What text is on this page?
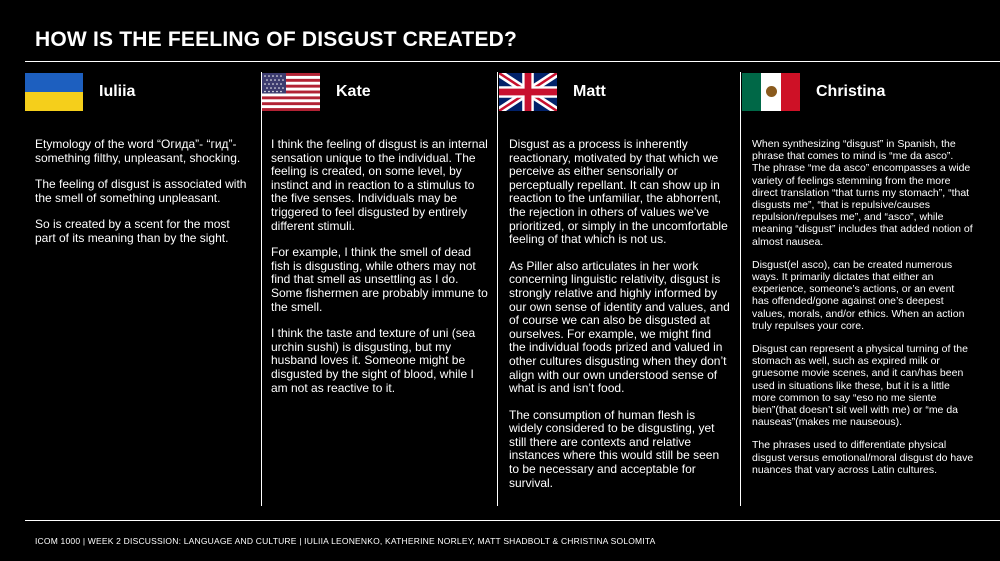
HOW IS THE FEELING OF DISGUST CREATED?
Iuliia

Etymology of the word “Огида”- “гид”- something filthy, unpleasant, shocking.

The feeling of disgust is associated with the smell of something unpleasant.

So is created by a scent for the most part of its meaning than by the sight.

Kate

I think the feeling of disgust is an internal sensation unique to the individual. The feeling is created, on some level, by instinct and in reaction to a stimulus to the five senses. Individuals may be triggered to feel disgusted by entirely different stimuli.

For example, I think the smell of dead fish is disgusting, while others may not find that smell as unsettling as I do. Some fishermen are probably immune to the smell.

I think the taste and texture of uni (sea urchin sushi) is disgusting, but my husband loves it. Someone might be disgusted by the sight of blood, while I am not as reactive to it.

Matt

Disgust as a process is inherently reactionary, motivated by that which we perceive as either sensorially or perceptually repellant. It can show up in reaction to the unfamiliar, the abhorrent, the rejection in others of values we’ve prioritized, or simply in the uncomfortable feeling of that which is not us.

As Piller also articulates in her work concerning linguistic relativity, disgust is strongly relative and highly informed by our own sense of identity and values, and of course we can also be disgusted at ourselves. For example, we might find the individual foods prized and valued in other cultures disgusting when they don’t align with our own understood sense of what is and isn’t food.

The consumption of human flesh is widely considered to be disgusting, yet still there are contexts and relative instances where this would still be seen to be necessary and acceptable for survival.

Christina

When synthesizing “disgust” in Spanish, the phrase that comes to mind is “me da asco”. The phrase “me da asco” encompasses a wide variety of feelings stemming from the more direct translation “that turns my stomach”, “that disgusts me”, “that is repulsive/causes repulsion/repulses me”, and “asco”, while meaning “disgust” includes that added notion of almost nausea.

Disgust(el asco), can be created numerous ways. It primarily dictates that either an experience, someone’s actions, or an event has offended/gone against one’s deepest values, morals, and/or ethics. When an action truly repulses your core.

Disgust can represent a physical turning of the stomach as well, such as expired milk or gruesome movie scenes, and it can/has been used in situations like these, but it is a little more common to say “eso no me siente bien”(that doesn’t sit well with me) or “me da nauseas”(makes me nauseous).

The phrases used to differentiate physical disgust versus emotional/moral disgust do have nuances that vary across Latin cultures.

ICOM 1000 | WEEK 2 DISCUSSION: LANGUAGE AND CULTURE | IULIIA LEONENKO, KATHERINE NORLEY, MATT SHADBOLT & CHRISTINA SOLOMITA
